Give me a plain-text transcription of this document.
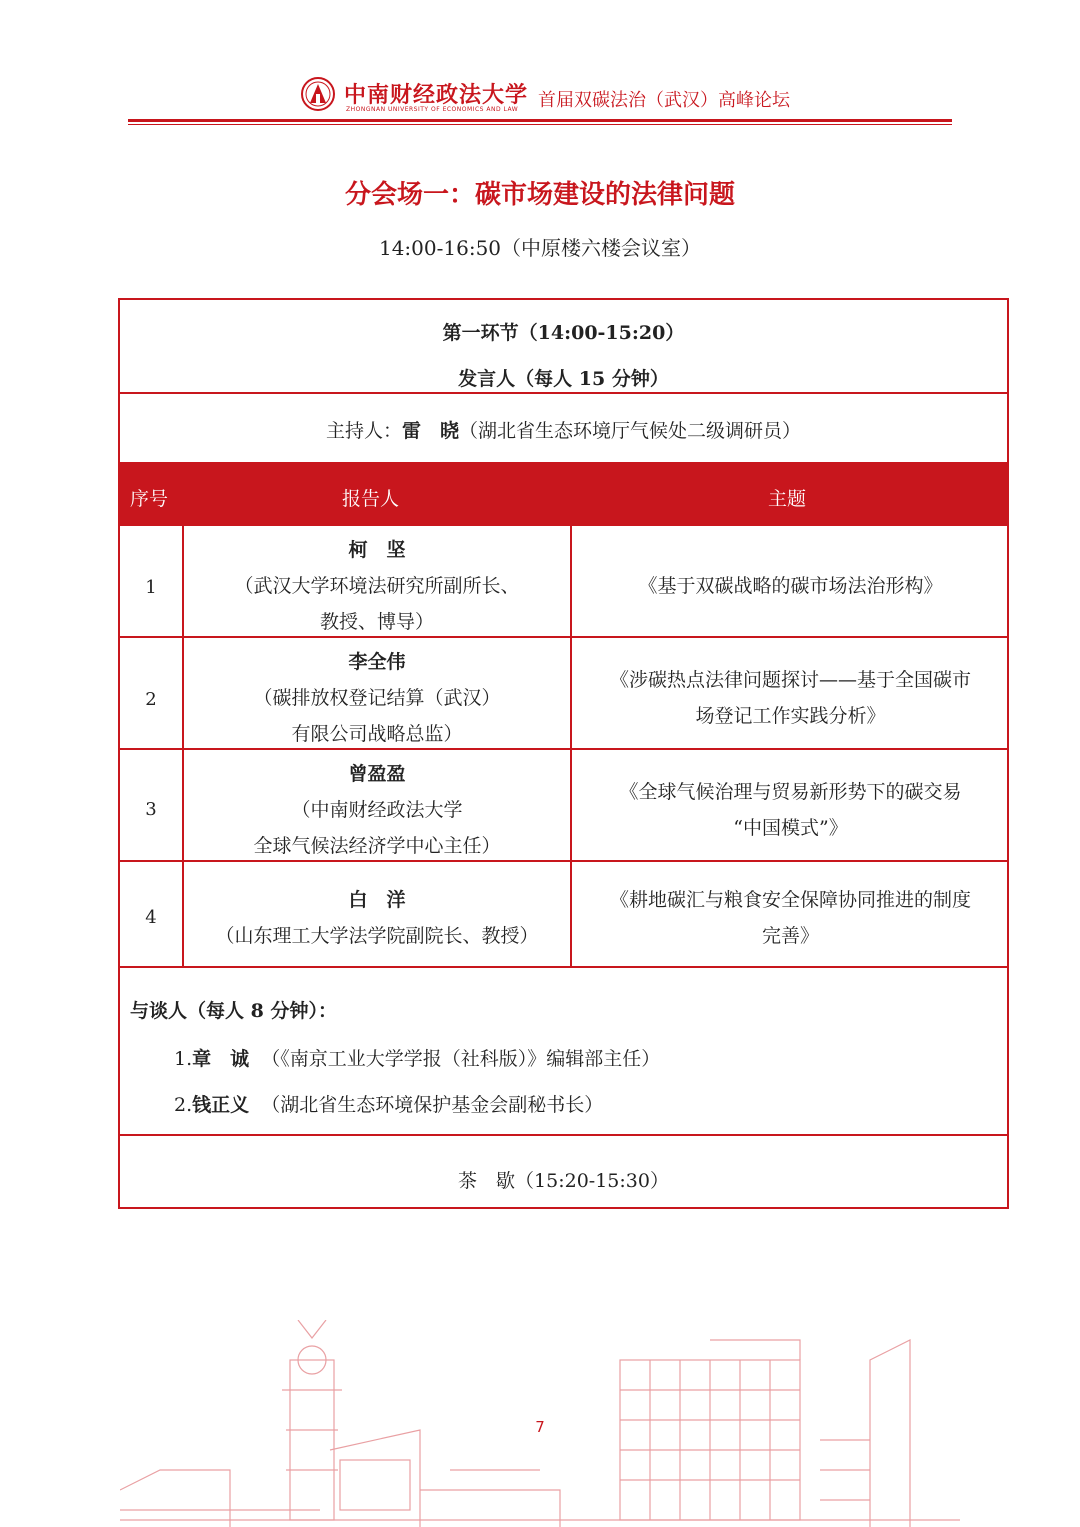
中南财经政法大学
ZHONGNAN UNIVERSITY OF ECONOMICS AND LAW 首届双碳法治（武汉）高峰论坛
分会场一：碳市场建设的法律问题
14:00-16:50（中原楼六楼会议室）
第一环节（14:00-15:20）
发言人（每人 15 分钟）
主持人：雷　晓（湖北省生态环境厅气候处二级调研员）
序号	报告人	主题
1
柯　坚
（武汉大学环境法研究所副所长、
教授、博导）
《基于双碳战略的碳市场法治形构》
2
李全伟
（碳排放权登记结算（武汉）
有限公司战略总监）
《涉碳热点法律问题探讨——基于全国碳市
场登记工作实践分析》
3
曾盈盈
（中南财经政法大学
全球气候法经济学中心主任）
《全球气候治理与贸易新形势下的碳交易
“中国模式”》
4
白　洋
（山东理工大学法学院副院长、教授）
《耕地碳汇与粮食安全保障协同推进的制度
完善》
与谈人（每人 8 分钟）：
1.章　诚 （《南京工业大学学报（社科版）》编辑部主任）
2.钱正义 （湖北省生态环境保护基金会副秘书长）
茶　歇（15:20-15:30）
7
